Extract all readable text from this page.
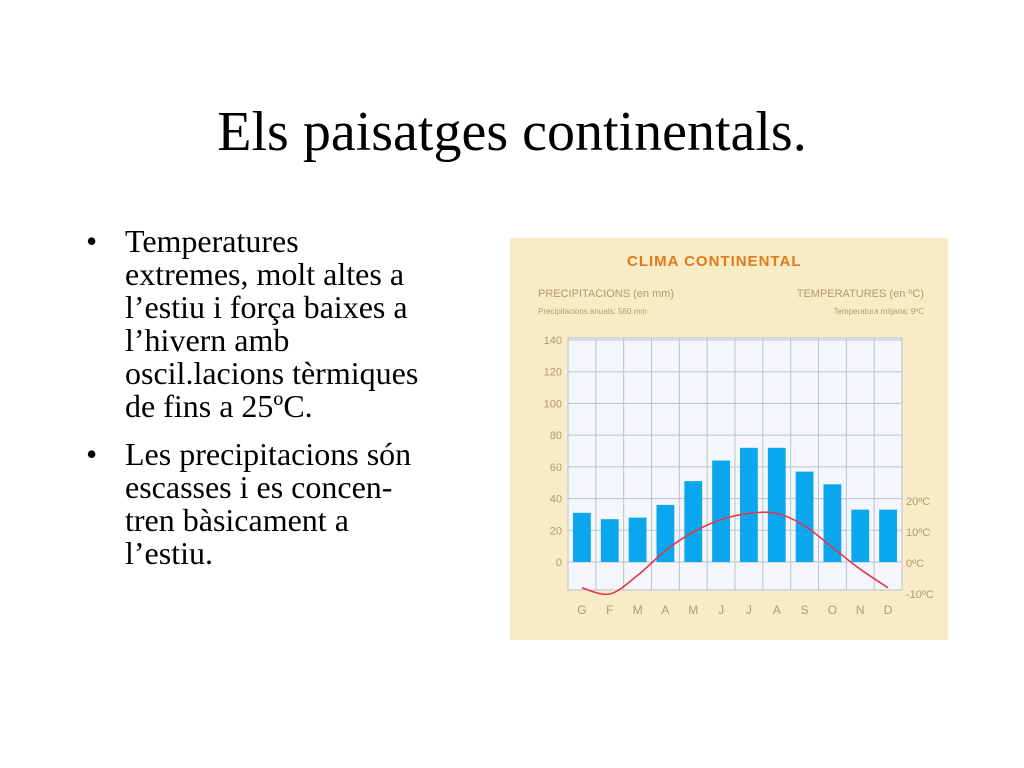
Els paisatges continentals.
• Temperatures
extremes, molt altes a
l’estiu i força baixes a
l’hivern amb
oscil.lacions tèrmiques
de fins a 25ºC.
• Les precipitacions són
escasses i es concen-
tren bàsicament a
l’estiu.
CLIMA CONTINENTAL
PRECIPITACIONS (en mm)
Precipitacions anuals: 560 mm
TEMPERATURES (en ºC)
Temperatura mitjana: 9ºC
140
120
100
80
60
40
20
0
20ºC
10ºC
0ºC
-10ºC
G F M A M J J A S O N D
